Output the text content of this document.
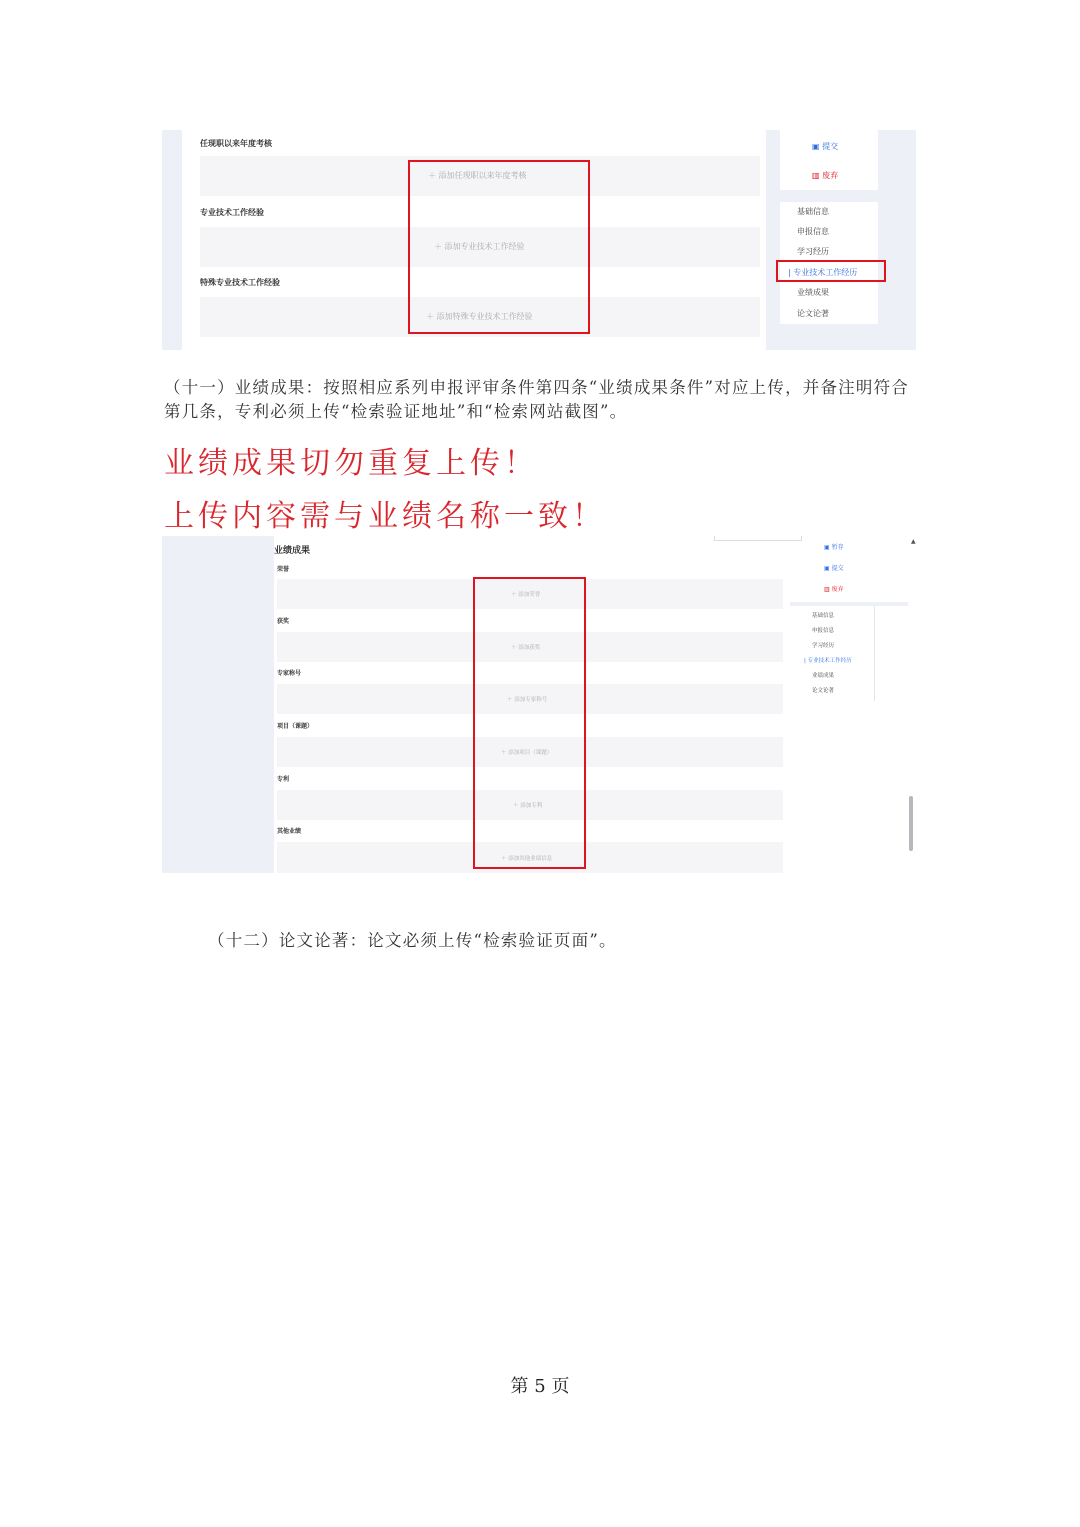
任现职以来年度考核
＋ 添加任现职以来年度考核
专业技术工作经验
＋ 添加专业技术工作经验
特殊专业技术工作经验
＋ 添加特殊专业技术工作经验
▣ 提交
▥ 废弃
基础信息
申报信息
学习经历
| 专业技术工作经历
业绩成果
论文论著
（十一）业绩成果：按照相应系列申报评审条件第四条“业绩成果条件”对应上传，并备注明符合第几条，专利必须上传“检索验证地址”和“检索网站截图”。
业绩成果切勿重复上传！
上传内容需与业绩名称一致！
业绩成果
荣誉
＋ 添加荣誉
获奖
＋ 添加获奖
专家称号
＋ 添加专家称号
项目（课题）
＋ 添加项目（课题）
专利
＋ 添加专利
其他业绩
＋ 添加其他业绩信息
▣ 暂存
▣ 提交
▥ 废弃
基础信息
申报信息
学习经历
| 专业技术工作经历
业绩成果
论文论著
▲
（十二）论文论著：论文必须上传“检索验证页面”。
第 5 页
